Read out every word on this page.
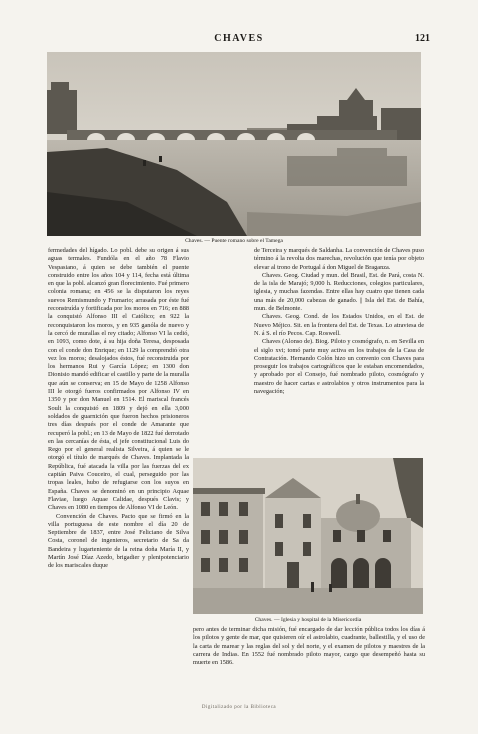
CHAVES	121
Chaves. — Puente romano sobre el Tamega

fermedades del hígado. Lo pobl. debe su origen á sus aguas termales. Fundóla en el año 78 Flavio Vespasiano, á quien se debe también el puente construido entre los años 104 y 114, fecha está última en que la pobl. alcanzó gran florecimiento. Fué primero colonia romana; en 456 se la disputaron los reyes suevos Remismundo y Frumario; arrasada por éste fué reconstruída y fortificada por los moros en 716; en 888 la conquistó Alfonso III el Católico; en 922 la reconquistaron los moros, y en 935 ganóla de nuevo y la cercó de murallas el rey citado; Alfonso VI la cedió, en 1093, como dote, á su hija doña Teresa, desposada con el conde don Enrique; en 1129 la comprendió otra vez los moros; desalojados éstos, fué reconstruida por los hermanos Rui y García López; en 1300 don Dionisio mandó edificar el castillo y parte de la muralla que aún se conserva; en 15 de Mayo de 1258 Alfonso III le otorgó fueros confirmados por Alfonso IV en 1350 y por don Manuel en 1514. El mariscal francés Soult la conquistó en 1809 y dejó en ella 3,000 soldados de guarnición que fueron hechos prisioneros tres días después por el conde de Amarante que recuperó la pobl.; en 13 de Mayo de 1822 fué derrotado en las cercanías de ésta, el jefe constitucional Luis do Rego por el general realista Silveira, á quien se le otorgó el título de marqués de Chaves. Implantada la República, fué atacada la villa por las fuerzas del ex capitán Paiva Couceiro, el cual, perseguido por las tropas leales, hubo de refugiarse con los suyos en España. Chaves se denominó en un principio Aquae Flaviae, luego Aquae Calidae, después Clavis; y Chaves en 1080 en tiempos de Alfonso VI de León.

Convención de Chaves. Pacto que se firmó en la villa portuguesa de este nombre el día 20 de Septiembre de 1837, entre José Feliciano de Silva Costa, coronel de ingenieros, secretario de Sa da Bandeira y lugarteniente de la reina doña María II, y Martín José Díaz Azedo, brigadier y plenipotenciario de los mariscales duque

de Terceira y marqués de Saldanha. La convención de Chaves puso término á la revolta dos marechas, revolución que tenía por objeto elevar al trono de Portugal á don Miguel de Braganza.

Chaves. Geog. Ciudad y mun. del Brasil, Est. de Pará, costa N. de la isla de Marajó; 9,000 h. Reducciones, colegios particulares, iglesia, y muchas fazendas. Entre ellas hay cuatro que tienen cada una más de 20,000 cabezas de ganado. || Isla del Est. de Bahía, mun. de Belmonte.

Chaves. Geog. Cond. de los Estados Unidos, en el Est. de Nuevo Méjico. Sit. en la frontera del Est. de Texas. Lo atraviesa de N. á S. el río Pecos. Cap. Roswell.

Chaves (Alonso de). Biog. Piloto y cosmógrafo, n. en Sevilla en el siglo xvi; tomó parte muy activa en los trabajos de la Casa de Contratación. Hernando Colón hizo un convenio con Chaves para proseguir los trabajos cartográficos que le estaban encomendados, y aprobado por el Consejo, fué nombrado piloto, cosmógrafo y maestro de hacer cartas e astrolabios y otros instrumentos para la navegación;

Chaves. — Iglesia y hospital de la Misericordia

pero antes de terminar dicha misión, fué encargado de dar lección pública todos los días á los pilotos y gente de mar, que quisieren oír el astrolabio, cuadrante, ballestilla, y el uso de la carta de marear y las reglas del sol y del norte, y el examen de pilotos y maestres de la carrera de Indias. En 1552 fué nombrado piloto mayor, cargo que desempeñó hasta su muerte en 1586.

Digitalizado por la Biblioteca
